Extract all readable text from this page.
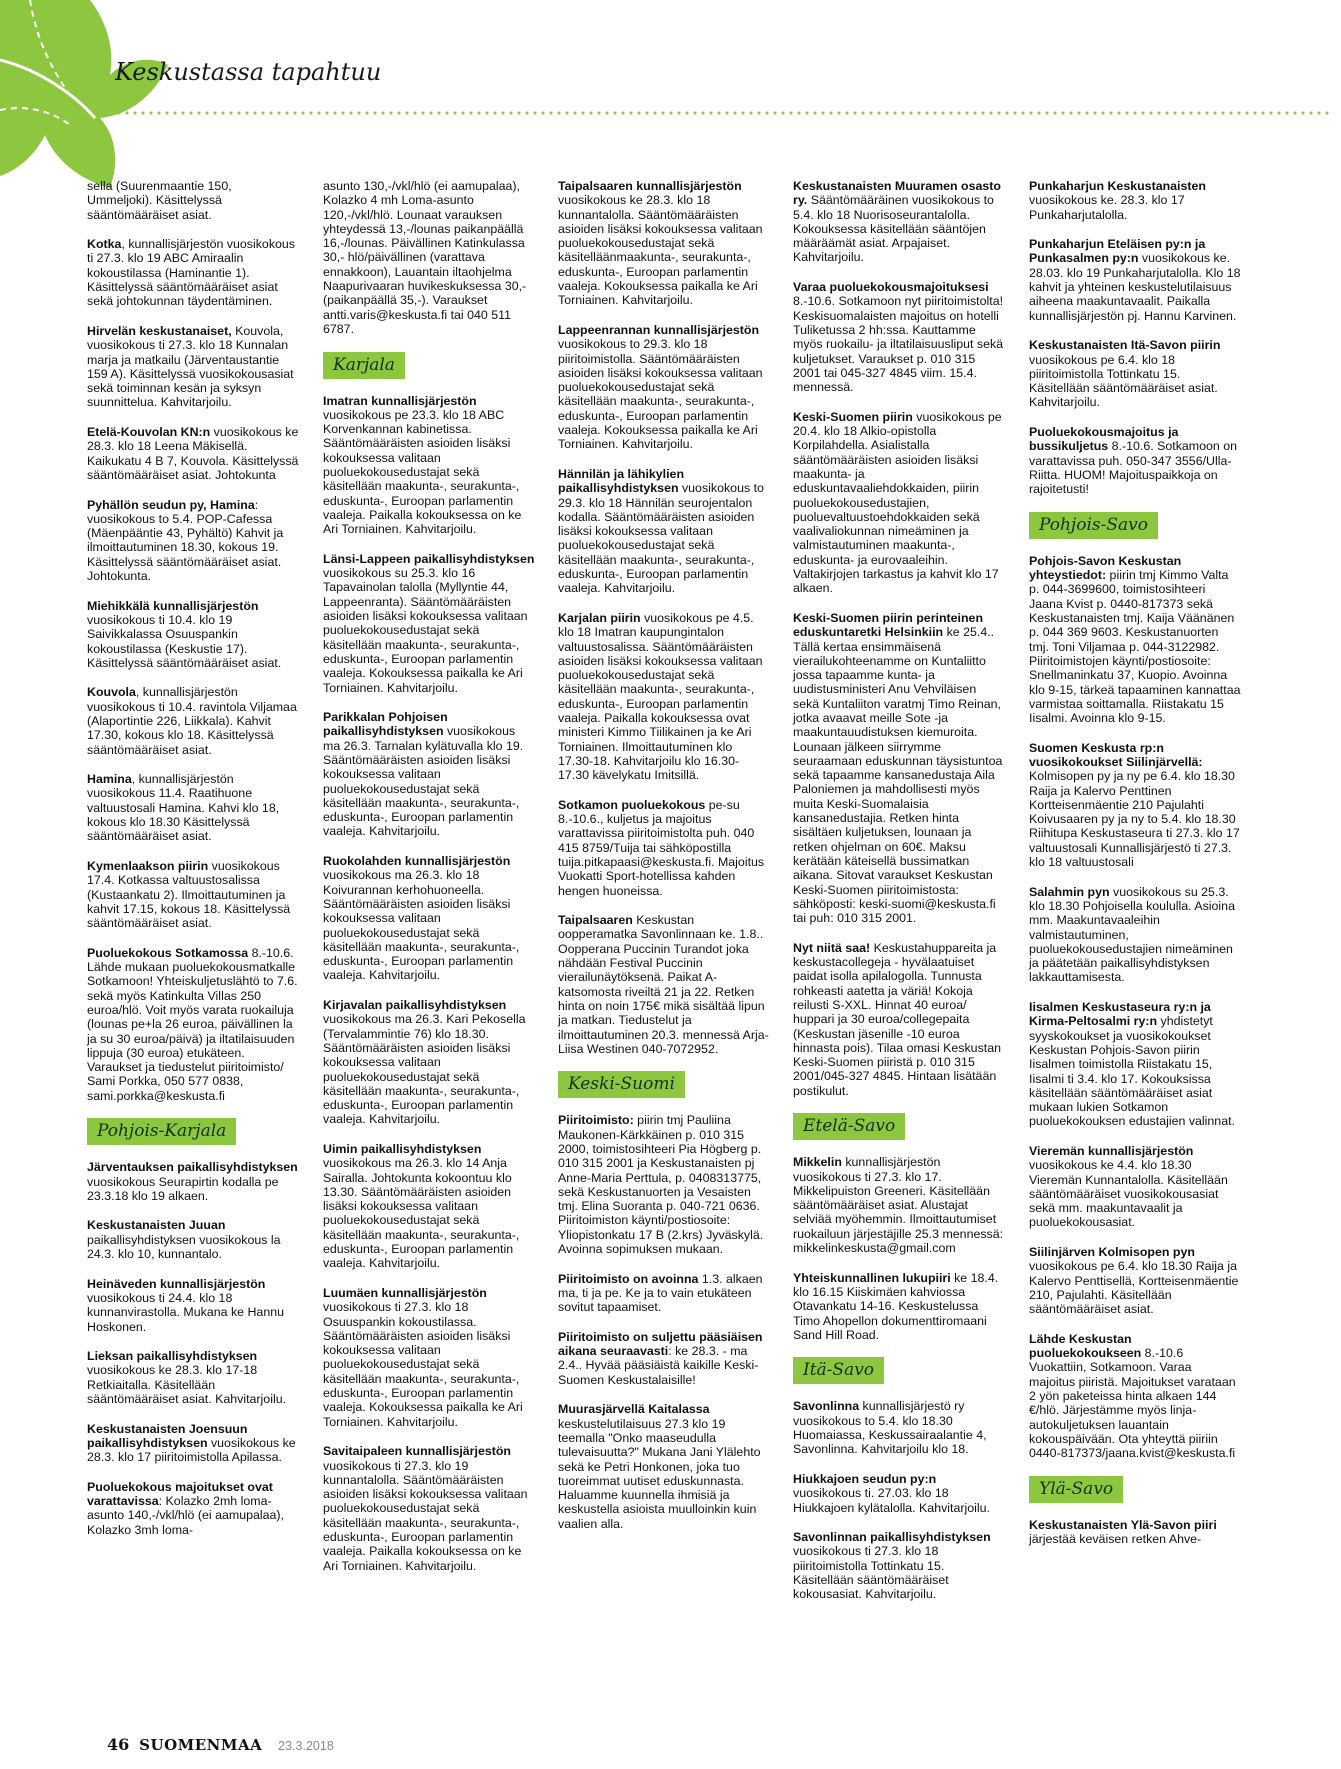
Keskustassa tapahtuu
sella (Suurenmaantie 150, Ummeljoki). Käsittelyssä sääntömääräiset asiat.
Kotka, kunnallisjärjestön vuosikokous ti 27.3. klo 19 ABC Amiraalin kokoustilassa (Haminantie 1). Käsittelyssä sääntömääräiset asiat sekä johtokunnan täydentäminen.
Hirvelän keskustanaiset, Kouvola, vuosikokous ti 27.3. klo 18 Kunnalan marja ja matkailu (Järventaustantie 159 A). Käsittelyssä vuosikokousasiat sekä toiminnan kesän ja syksyn suunnittelua. Kahvitarjoilu.
Etelä-Kouvolan KN:n vuosikokous ke 28.3. klo 18 Leena Mäkisellä. Kaikukatu 4 B 7, Kouvola. Käsittelyssä sääntömääräiset asiat. Johtokunta
Pyhällön seudun py, Hamina: vuosikokous to 5.4. POP-Cafessa (Mäenpääntie 43, Pyhältö) Kahvit ja ilmoittautuminen 18.30, kokous 19. Käsittelyssä sääntömääräiset asiat. Johtokunta.
Miehikkälä kunnallisjärjestön vuosikokous ti 10.4. klo 19 Saivikkalassa Osuuspankin kokoustilassa (Keskustie 17). Käsittelyssä sääntömääräiset asiat.
Kouvola, kunnallisjärjestön vuosikokous ti 10.4. ravintola Viljamaa (Alaportintie 226, Liikkala). Kahvit 17.30, kokous klo 18. Käsittelyssä sääntömääräiset asiat.
Hamina, kunnallisjärjestön vuosikokous 11.4. Raatihuone valtuustosali Hamina. Kahvi klo 18, kokous klo 18.30 Käsittelyssä sääntömääräiset asiat.
Kymenlaakson piirin vuosikokous 17.4. Kotkassa valtuustosalissa (Kustaankatu 2). Ilmoittautuminen ja kahvit 17.15, kokous 18. Käsittelyssä sääntömääräiset asiat.
Puoluekokous Sotkamossa 8.-10.6. Lähde mukaan puoluekokousmatkalle Sotkamoon! Yhteiskuljetuslähtö to 7.6. sekä myös Katinkulta Villas 250 euroa/hlö. Voit myös varata ruokailuja (lounas pe+la 26 euroa, päivällinen la ja su 30 euroa/päivä) ja iltatilaisuuden lippuja (30 euroa) etukäteen. Varaukset ja tiedustelut piiritoimisto/ Sami Porkka, 050 577 0838, sami.porkka@keskusta.fi
Pohjois-Karjala
Järventauksen paikallisyhdistyksen vuosikokous Seurapirtin kodalla pe 23.3.18 klo 19 alkaen.
Keskustanaisten Juuan paikallisyhdistyksen vuosikokous la 24.3. klo 10, kunnantalo.
Heinäveden kunnallisjärjestön vuosikokous ti 24.4. klo 18 kunnanvirastolla. Mukana ke Hannu Hoskonen.
Lieksan paikallisyhdistyksen vuosikokous ke 28.3. klo 17-18 Retkiaitalla. Käsitellään sääntömääräiset asiat. Kahvitarjoilu.
Keskustanaisten Joensuun paikallisyhdistyksen vuosikokous ke 28.3. klo 17 piiritoimistolla Apilassa.
Puoluekokous majoitukset ovat varattavissa: Kolazko 2mh loma-asunto 140,-/vkl/hlö (ei aamupalaa), Kolazko 3mh loma-
asunto 130,-/vkl/hlö (ei aamupalaa), Kolazko 4 mh Loma-asunto 120,-/vkl/hlö. Lounaat varauksen yhteydessä 13,-/lounas paikanpäällä 16,-/lounas. Päivällinen Katinkulassa 30,- hlö/päivällinen (varattava ennakkoon), Lauantain iltaohjelma Naapurivaaran huvikeskuksessa 30,- (paikanpäällä 35,-). Varaukset antti.varis@keskusta.fi tai 040 511 6787.
Karjala
Imatran kunnallisjärjestön vuosikokous pe 23.3. klo 18 ABC Korvenkannan kabinetissa. Sääntömääräisten asioiden lisäksi kokouksessa valitaan puoluekokousedustajat sekä käsitellään maakunta-, seurakunta-, eduskunta-, Euroopan parlamentin vaaleja. Paikalla kokouksessa on ke Ari Torniainen. Kahvitarjoilu.
Länsi-Lappeen paikallisyhdistyksen vuosikokous su 25.3. klo 16 Tapavainolan talolla (Myllyntie 44, Lappeenranta). Sääntömääräisten asioiden lisäksi kokouksessa valitaan puoluekokousedustajat sekä käsitellään maakunta-, seurakunta-, eduskunta-, Euroopan parlamentin vaaleja. Kokouksessa paikalla ke Ari Torniainen. Kahvitarjoilu.
Parikkalan Pohjoisen paikallisyhdistyksen vuosikokous ma 26.3. Tarnalan kylätuvalla klo 19. Sääntömääräisten asioiden lisäksi kokouksessa valitaan puoluekokousedustajat sekä käsitellään maakunta-, seurakunta-, eduskunta-, Euroopan parlamentin vaaleja. Kahvitarjoilu.
Ruokolahden kunnallisjärjestön vuosikokous ma 26.3. klo 18 Koivurannan kerhohuoneella. Sääntömääräisten asioiden lisäksi kokouksessa valitaan puoluekokousedustajat sekä käsitellään maakunta-, seurakunta-, eduskunta-, Euroopan parlamentin vaaleja. Kahvitarjoilu.
Kirjavalan paikallisyhdistyksen vuosikokous ma 26.3. Kari Pekosella (Tervalammintie 76) klo 18.30. Sääntömääräisten asioiden lisäksi kokouksessa valitaan puoluekokousedustajat sekä käsitellään maakunta-, seurakunta-, eduskunta-, Euroopan parlamentin vaaleja. Kahvitarjoilu.
Uimin paikallisyhdistyksen vuosikokous ma 26.3. klo 14 Anja Sairalla. Johtokunta kokoontuu klo 13.30. Sääntömääräisten asioiden lisäksi kokouksessa valitaan puoluekokousedustajat sekä käsitellään maakunta-, seurakunta-, eduskunta-, Euroopan parlamentin vaaleja. Kahvitarjoilu.
Luumäen kunnallisjärjestön vuosikokous ti 27.3. klo 18 Osuuspankin kokoustilassa. Sääntömääräisten asioiden lisäksi kokouksessa valitaan puoluekokousedustajat sekä käsitellään maakunta-, seurakunta-, eduskunta-, Euroopan parlamentin vaaleja. Kokouksessa paikalla ke Ari Torniainen. Kahvitarjoilu.
Savitaipaleen kunnallisjärjestön vuosikokous ti 27.3. klo 19 kunnantalolla. Sääntömääräisten asioiden lisäksi kokouksessa valitaan puoluekokousedustajat sekä käsitellään maakunta-, seurakunta-, eduskunta-, Euroopan parlamentin vaaleja. Paikalla kokouksessa on ke Ari Torniainen. Kahvitarjoilu.
Taipalsaaren kunnallisjärjestön vuosikokous ke 28.3. klo 18 kunnantalolla. Sääntömääräisten asioiden lisäksi kokouksessa valitaan puoluekokousedustajat sekä käsitelläänmaakunta-, seurakunta-, eduskunta-, Euroopan parlamentin vaaleja. Kokouksessa paikalla ke Ari Torniainen. Kahvitarjoilu.
Lappeenrannan kunnallisjärjestön vuosikokous to 29.3. klo 18 piiritoimistolla. Sääntömääräisten asioiden lisäksi kokouksessa valitaan puoluekokousedustajat sekä käsitellään maakunta-, seurakunta-, eduskunta-, Euroopan parlamentin vaaleja. Kokouksessa paikalla ke Ari Torniainen. Kahvitarjoilu.
Hännilän ja lähikylien paikallisyhdistyksen vuosikokous to 29.3. klo 18 Hännilän seurojentalon kodalla. Sääntömääräisten asioiden lisäksi kokouksessa valitaan puoluekokousedustajat sekä käsitellään maakunta-, seurakunta-, eduskunta-, Euroopan parlamentin vaaleja. Kahvitarjoilu.
Karjalan piirin vuosikokous pe 4.5. klo 18 Imatran kaupungintalon valtuustosalissa. Sääntömääräisten asioiden lisäksi kokouksessa valitaan puoluekokousedustajat sekä käsitellään maakunta-, seurakunta-, eduskunta-, Euroopan parlamentin vaaleja. Paikalla kokouksessa ovat ministeri Kimmo Tiilikainen ja ke Ari Torniainen. Ilmoittautuminen klo 17.30-18. Kahvitarjoilu klo 16.30-17.30 kävelykatu Imitsillä.
Sotkamon puoluekokous pe-su 8.-10.6., kuljetus ja majoitus varattavissa piiritoimistolta puh. 040 415 8759/Tuija tai sähköpostilla tuija.pitkapaasi@keskusta.fi. Majoitus Vuokatti Sport-hotellissa kahden hengen huoneissa.
Taipalsaaren Keskustan oopperamatka Savonlinnaan ke. 1.8.. Oopperana Puccinin Turandot joka nähdään Festival Puccinin vierailunäytöksenä. Paikat A-katsomosta riveiltä 21 ja 22. Retken hinta on noin 175€ mikä sisältää lipun ja matkan. Tiedustelut ja ilmoittautuminen 20.3. mennessä Arja-Liisa Westinen 040-7072952.
Keski-Suomi
Piiritoimisto: piirin tmj Pauliina Maukonen-Kärkkäinen p. 010 315 2000, toimistosihteeri Pia Högberg p. 010 315 2001 ja Keskustanaisten pj Anne-Maria Perttula, p. 0408313775, sekä Keskustanuorten ja Vesaisten tmj. Elina Suoranta p. 040-721 0636. Piiritoimiston käynti/postiosoite: Yliopistonkatu 17 B (2.krs) Jyväskylä. Avoinna sopimuksen mukaan.
Piiritoimisto on avoinna 1.3. alkaen ma, ti ja pe. Ke ja to vain etukäteen sovitut tapaamiset.
Piiritoimisto on suljettu pääsiäisen aikana seuraavasti: ke 28.3. - ma 2.4.. Hyvää pääsiäistä kaikille Keski-Suomen Keskustalaisille!
Muurasjärvellä Kaitalassa keskustelutilaisuus 27.3 klo 19 teemalla "Onko maaseudulla tulevaisuutta?" Mukana Jani Ylälehto sekä ke Petri Honkonen, joka tuo tuoreimmat uutiset eduskunnasta. Haluamme kuunnella ihmisiä ja keskustella asioista muulloinkin kuin vaalien alla.
Keskustanaisten Muuramen osasto ry. Sääntömääräinen vuosikokous to 5.4. klo 18 Nuorisoseurantalolla. Kokouksessa käsitellään sääntöjen määräämät asiat. Arpajaiset. Kahvitarjoilu.
Varaa puoluekokousmajoituksesi 8.-10.6. Sotkamoon nyt piiritoimistolta! Keskisuomalaisten majoitus on hotelli Tuliketussa 2 hh:ssa. Kauttamme myös ruokailu- ja iltatilaisuusliput sekä kuljetukset. Varaukset p. 010 315 2001 tai 045-327 4845 viim. 15.4. mennessä.
Keski-Suomen piirin vuosikokous pe 20.4. klo 18 Alkio-opistolla Korpilahdella. Asialistalla sääntömääräisten asioiden lisäksi maakunta- ja eduskuntavaaliehdokkaiden, piirin puoluekokousedustajien, puoluevaltuustoehdokkaiden sekä vaalivaliokunnan nimeäminen ja valmistautuminen maakunta-, eduskunta- ja eurovaaleihin. Valtakirjojen tarkastus ja kahvit klo 17 alkaen.
Keski-Suomen piirin perinteinen eduskuntaretki Helsinkiin ke 25.4.. Tällä kertaa ensimmäisenä vierailukohteenamme on Kuntaliitto jossa tapaamme kunta- ja uudistusministeri Anu Vehviläisen sekä Kuntaliiton varatmj Timo Reinan, jotka avaavat meille Sote -ja maakuntauudistuksen kiemuroita. Lounaan jälkeen siirrymme seuraamaan eduskunnan täysistuntoa sekä tapaamme kansanedustaja Aila Paloniemen ja mahdollisesti myös muita Keski-Suomalaisia kansanedustajia. Retken hinta sisältäen kuljetuksen, lounaan ja retken ohjelman on 60€. Maksu kerätään käteisellä bussimatkan aikana. Sitovat varaukset Keskustan Keski-Suomen piiritoimistosta: sähköposti: keski-suomi@keskusta.fi tai puh: 010 315 2001.
Nyt niitä saa! Keskustahuppareita ja keskustacollegeja - hyvälaatuiset paidat isolla apilalogolla. Tunnusta rohkeasti aatetta ja väriä! Kokoja reilusti S-XXL. Hinnat 40 euroa/ huppari ja 30 euroa/collegepaita (Keskustan jäsenille -10 euroa hinnasta pois). Tilaa omasi Keskustan Keski-Suomen piiristä p. 010 315 2001/045-327 4845. Hintaan lisätään postikulut.
Etelä-Savo
Mikkelin kunnallisjärjestön vuosikokous ti 27.3. klo 17. Mikkelipuiston Greeneri. Käsitellään sääntömääräiset asiat. Alustajat selviää myöhemmin. Ilmoittautumiset ruokailuun järjestäjille 25.3 mennessä: mikkelinkeskusta@gmail.com
Yhteiskunnallinen lukupiiri ke 18.4. klo 16.15 Kiiskimäen kahviossa Otavankatu 14-16. Keskustelussa Timo Ahopellon dokumenttiromaani Sand Hill Road.
Itä-Savo
Savonlinna kunnallisjärjestö ry vuosikokous to 5.4. klo 18.30 Huomaiassa, Keskussairaalantie 4, Savonlinna. Kahvitarjoilu klo 18.
Hiukkajoen seudun py:n vuosikokous ti. 27.03. klo 18 Hiukkajoen kylätalolla. Kahvitarjoilu.
Savonlinnan paikallisyhdistyksen vuosikokous ti 27.3. klo 18 piiritoimistolla Tottinkatu 15. Käsitellään sääntömääräiset kokousasiat. Kahvitarjoilu.
Punkaharjun Keskustanaisten vuosikokous ke. 28.3. klo 17 Punkaharjutalolla.
Punkaharjun Eteläisen py:n ja Punkasalmen py:n vuosikokous ke. 28.03. klo 19 Punkaharjutalolla. Klo 18 kahvit ja yhteinen keskustelutilaisuus aiheena maakuntavaalit. Paikalla kunnallisjärjestön pj. Hannu Karvinen.
Keskustanaisten Itä-Savon piirin vuosikokous pe 6.4. klo 18 piiritoimistolla Tottinkatu 15. Käsitellään sääntömääräiset asiat. Kahvitarjoilu.
Puoluekokousmajoitus ja bussikuljetus 8.-10.6. Sotkamoon on varattavissa puh. 050-347 3556/Ulla-Riitta. HUOM! Majoituspaikkoja on rajoitetusti!
Pohjois-Savo
Pohjois-Savon Keskustan yhteystiedot: piirin tmj Kimmo Valta p. 044-3699600, toimistosihteeri Jaana Kvist p. 0440-817373 sekä Keskustanaisten tmj. Kaija Väänänen p. 044 369 9603. Keskustanuorten tmj. Toni Viljamaa p. 044-3122982. Piiritoimistojen käynti/postiosoite: Snellmaninkatu 37, Kuopio. Avoinna klo 9-15, tärkeä tapaaminen kannattaa varmistaa soittamalla. Riistakatu 15 Iisalmi. Avoinna klo 9-15.
Suomen Keskusta rp:n vuosikokoukset Siilinjärvellä: Kolmisopen py ja ny pe 6.4. klo 18.30 Raija ja Kalervo Penttinen Kortteisenmäentie 210 Pajulahti Koivusaaren py ja ny to 5.4. klo 18.30 Riihitupa Keskustaseura ti 27.3. klo 17 valtuustosali Kunnallisjärjestö ti 27.3. klo 18 valtuustosali
Salahmin pyn vuosikokous su 25.3. klo 18.30 Pohjoisella koululla. Asioina mm. Maakuntavaaleihin valmistautuminen, puoluekokousedustajien nimeäminen ja päätetään paikallisyhdistyksen lakkauttamisesta.
Iisalmen Keskustaseura ry:n ja Kirma-Peltosalmi ry:n yhdistetyt syyskokoukset ja vuosikokoukset Keskustan Pohjois-Savon piirin Iisalmen toimistolla Riistakatu 15, Iisalmi ti 3.4. klo 17. Kokouksissa käsitellään sääntömääräiset asiat mukaan lukien Sotkamon puoluekokouksen edustajien valinnat.
Vieremän kunnallisjärjestön vuosikokous ke 4.4. klo 18.30 Vieremän Kunnantalolla. Käsitellään sääntömääräiset vuosikokousasiat sekä mm. maakuntavaalit ja puoluekokousasiat.
Siilinjärven Kolmisopen pyn vuosikokous pe 6.4. klo 18.30 Raija ja Kalervo Penttisellä, Kortteisenmäentie 210, Pajulahti. Käsitellään sääntömääräiset asiat.
Lähde Keskustan puoluekokoukseen 8.-10.6 Vuokattiin, Sotkamoon. Varaa majoitus piiristä. Majoitukset varataan 2 yön paketeissa hinta alkaen 144 €/hlö. Järjestämme myös linja-autokuljetuksen lauantain kokouspäivään. Ota yhteyttä piiriin 0440-817373/jaana.kvist@keskusta.fi
Ylä-Savo
Keskustanaisten Ylä-Savon piiri järjestää keväisen retken Ahve-
46 SUOMENMAA 23.3.2018
